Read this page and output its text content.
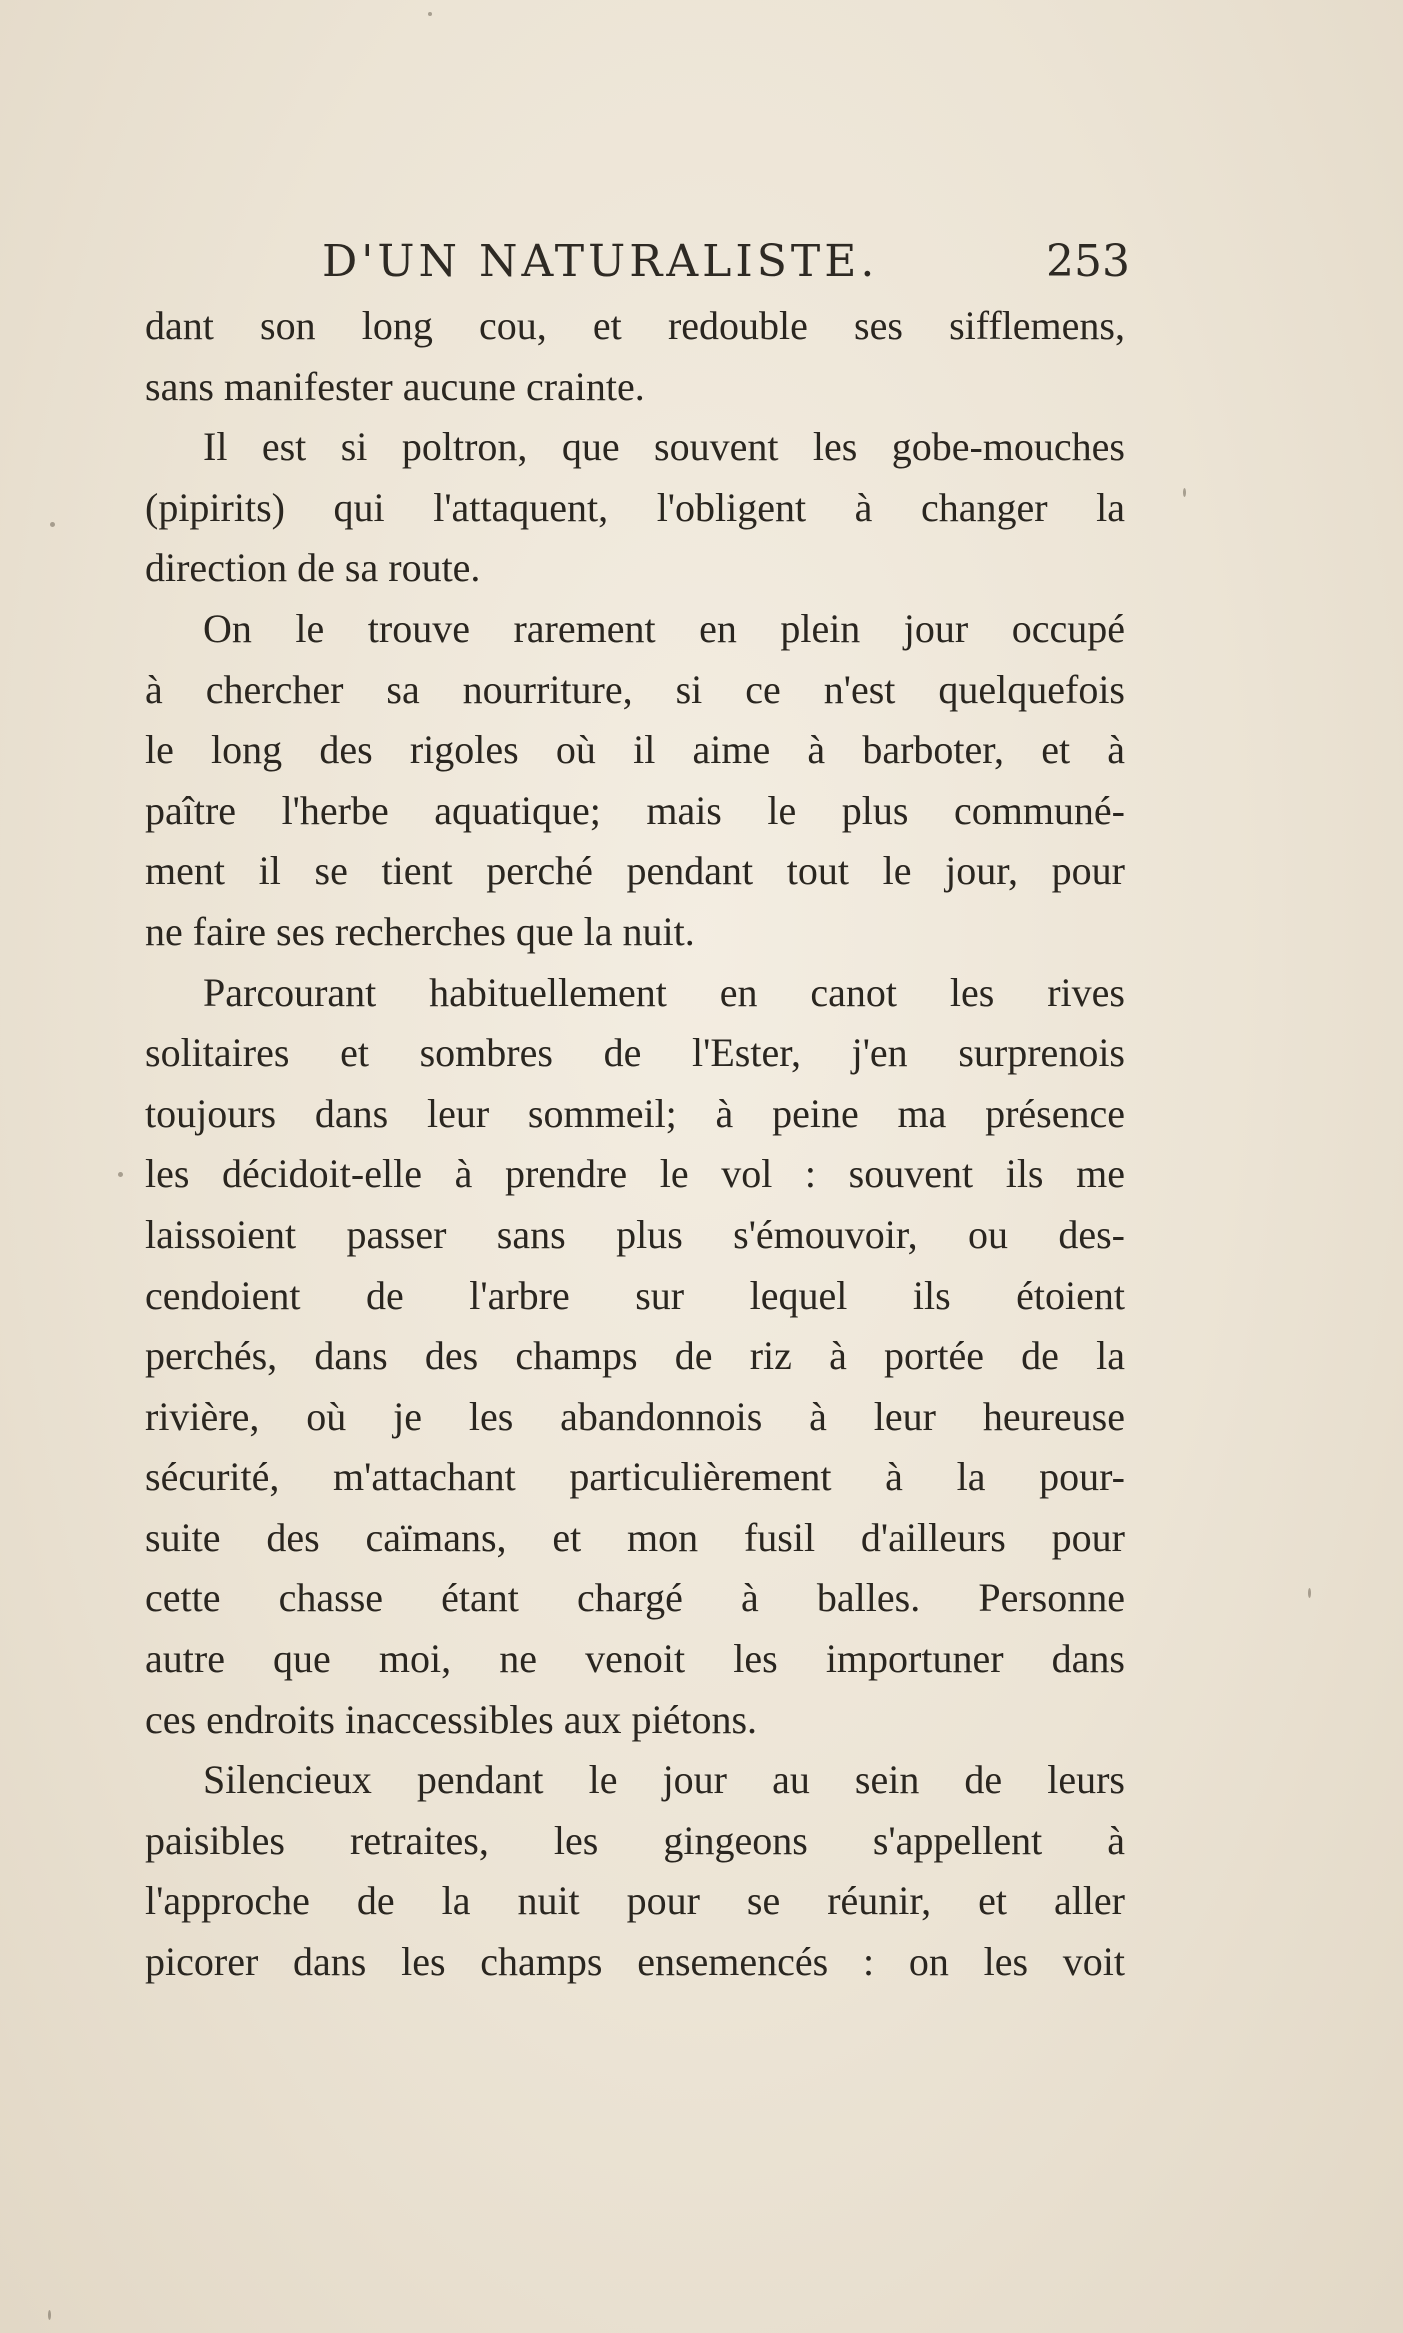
D'UN NATURALISTE.	253
dant son long cou, et redouble ses sifflemens,
sans manifester aucune crainte.
Il est si poltron, que souvent les gobe-mouches
(pipirits) qui l'attaquent, l'obligent à changer la
direction de sa route.
On le trouve rarement en plein jour occupé
à chercher sa nourriture, si ce n'est quelquefois
le long des rigoles où il aime à barboter, et à
paître l'herbe aquatique; mais le plus communé-
ment il se tient perché pendant tout le jour, pour
ne faire ses recherches que la nuit.
Parcourant habituellement en canot les rives
solitaires et sombres de l'Ester, j'en surprenois
toujours dans leur sommeil; à peine ma présence
les décidoit-elle à prendre le vol : souvent ils me
laissoient passer sans plus s'émouvoir, ou des-
cendoient de l'arbre sur lequel ils étoient
perchés, dans des champs de riz à portée de la
rivière, où je les abandonnois à leur heureuse
sécurité, m'attachant particulièrement à la pour-
suite des caïmans, et mon fusil d'ailleurs pour
cette chasse étant chargé à balles. Personne
autre que moi, ne venoit les importuner dans
ces endroits inaccessibles aux piétons.
Silencieux pendant le jour au sein de leurs
paisibles retraites, les gingeons s'appellent à
l'approche de la nuit pour se réunir, et aller
picorer dans les champs ensemencés : on les voit
